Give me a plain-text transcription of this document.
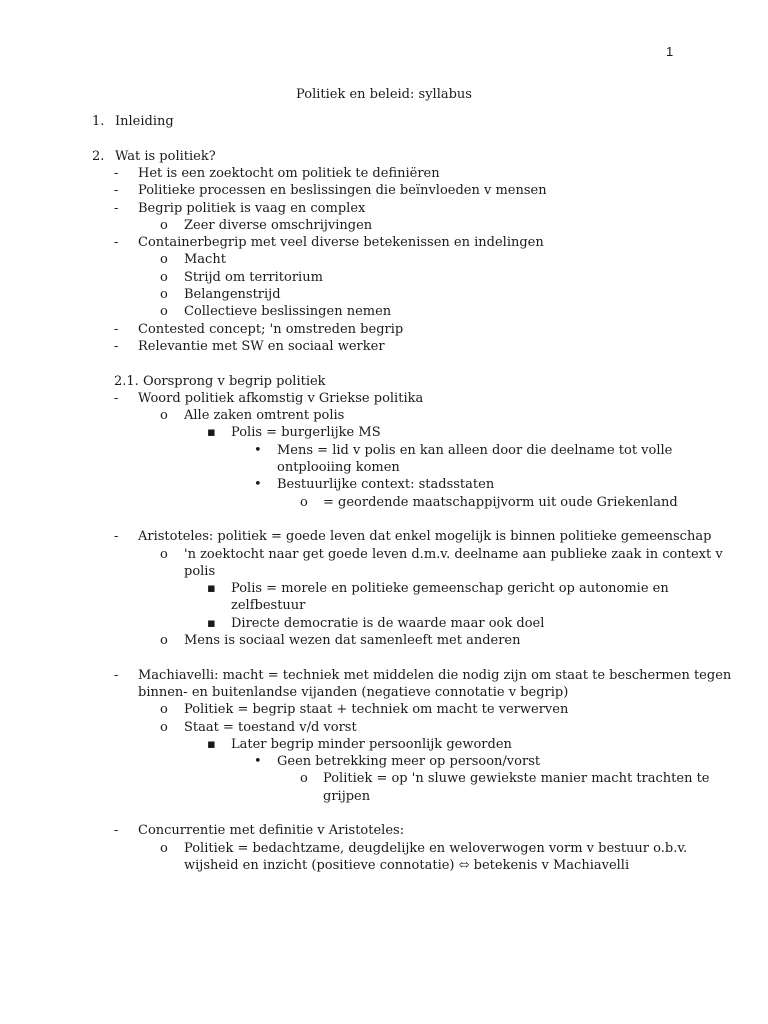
1
Politiek en beleid: syllabus
1. Inleiding
2. Wat is politiek?
- Het is een zoektocht om politiek te definiëren
- Politieke processen en beslissingen die beïnvloeden v mensen
- Begrip politiek is vaag en complex
o Zeer diverse omschrijvingen
- Containerbegrip met veel diverse betekenissen en indelingen
o Macht
o Strijd om territorium
o Belangenstrijd
o Collectieve beslissingen nemen
- Contested concept; 'n omstreden begrip
- Relevantie met SW en sociaal werker
2.1. Oorsprong v begrip politiek
- Woord politiek afkomstig v Griekse politika
o Alle zaken omtrent polis
▪ Polis = burgerlijke MS
• Mens = lid v polis en kan alleen door die deelname tot volle
ontplooiing komen
• Bestuurlijke context: stadsstaten
o = geordende maatschappijvorm uit oude Griekenland
- Aristoteles: politiek = goede leven dat enkel mogelijk is binnen politieke gemeenschap
o 'n zoektocht naar get goede leven d.m.v. deelname aan publieke zaak in context v
polis
▪ Polis = morele en politieke gemeenschap gericht op autonomie en
zelfbestuur
▪ Directe democratie is de waarde maar ook doel
o Mens is sociaal wezen dat samenleeft met anderen
- Machiavelli: macht = techniek met middelen die nodig zijn om staat te beschermen tegen
binnen- en buitenlandse vijanden (negatieve connotatie v begrip)
o Politiek = begrip staat + techniek om macht te verwerven
o Staat = toestand v/d vorst
▪ Later begrip minder persoonlijk geworden
• Geen betrekking meer op persoon/vorst
o Politiek = op 'n sluwe gewiekste manier macht trachten te
grijpen
- Concurrentie met definitie v Aristoteles:
o Politiek = bedachtzame, deugdelijke en weloverwogen vorm v bestuur o.b.v.
wijsheid en inzicht (positieve connotatie) ⬄ betekenis v Machiavelli
